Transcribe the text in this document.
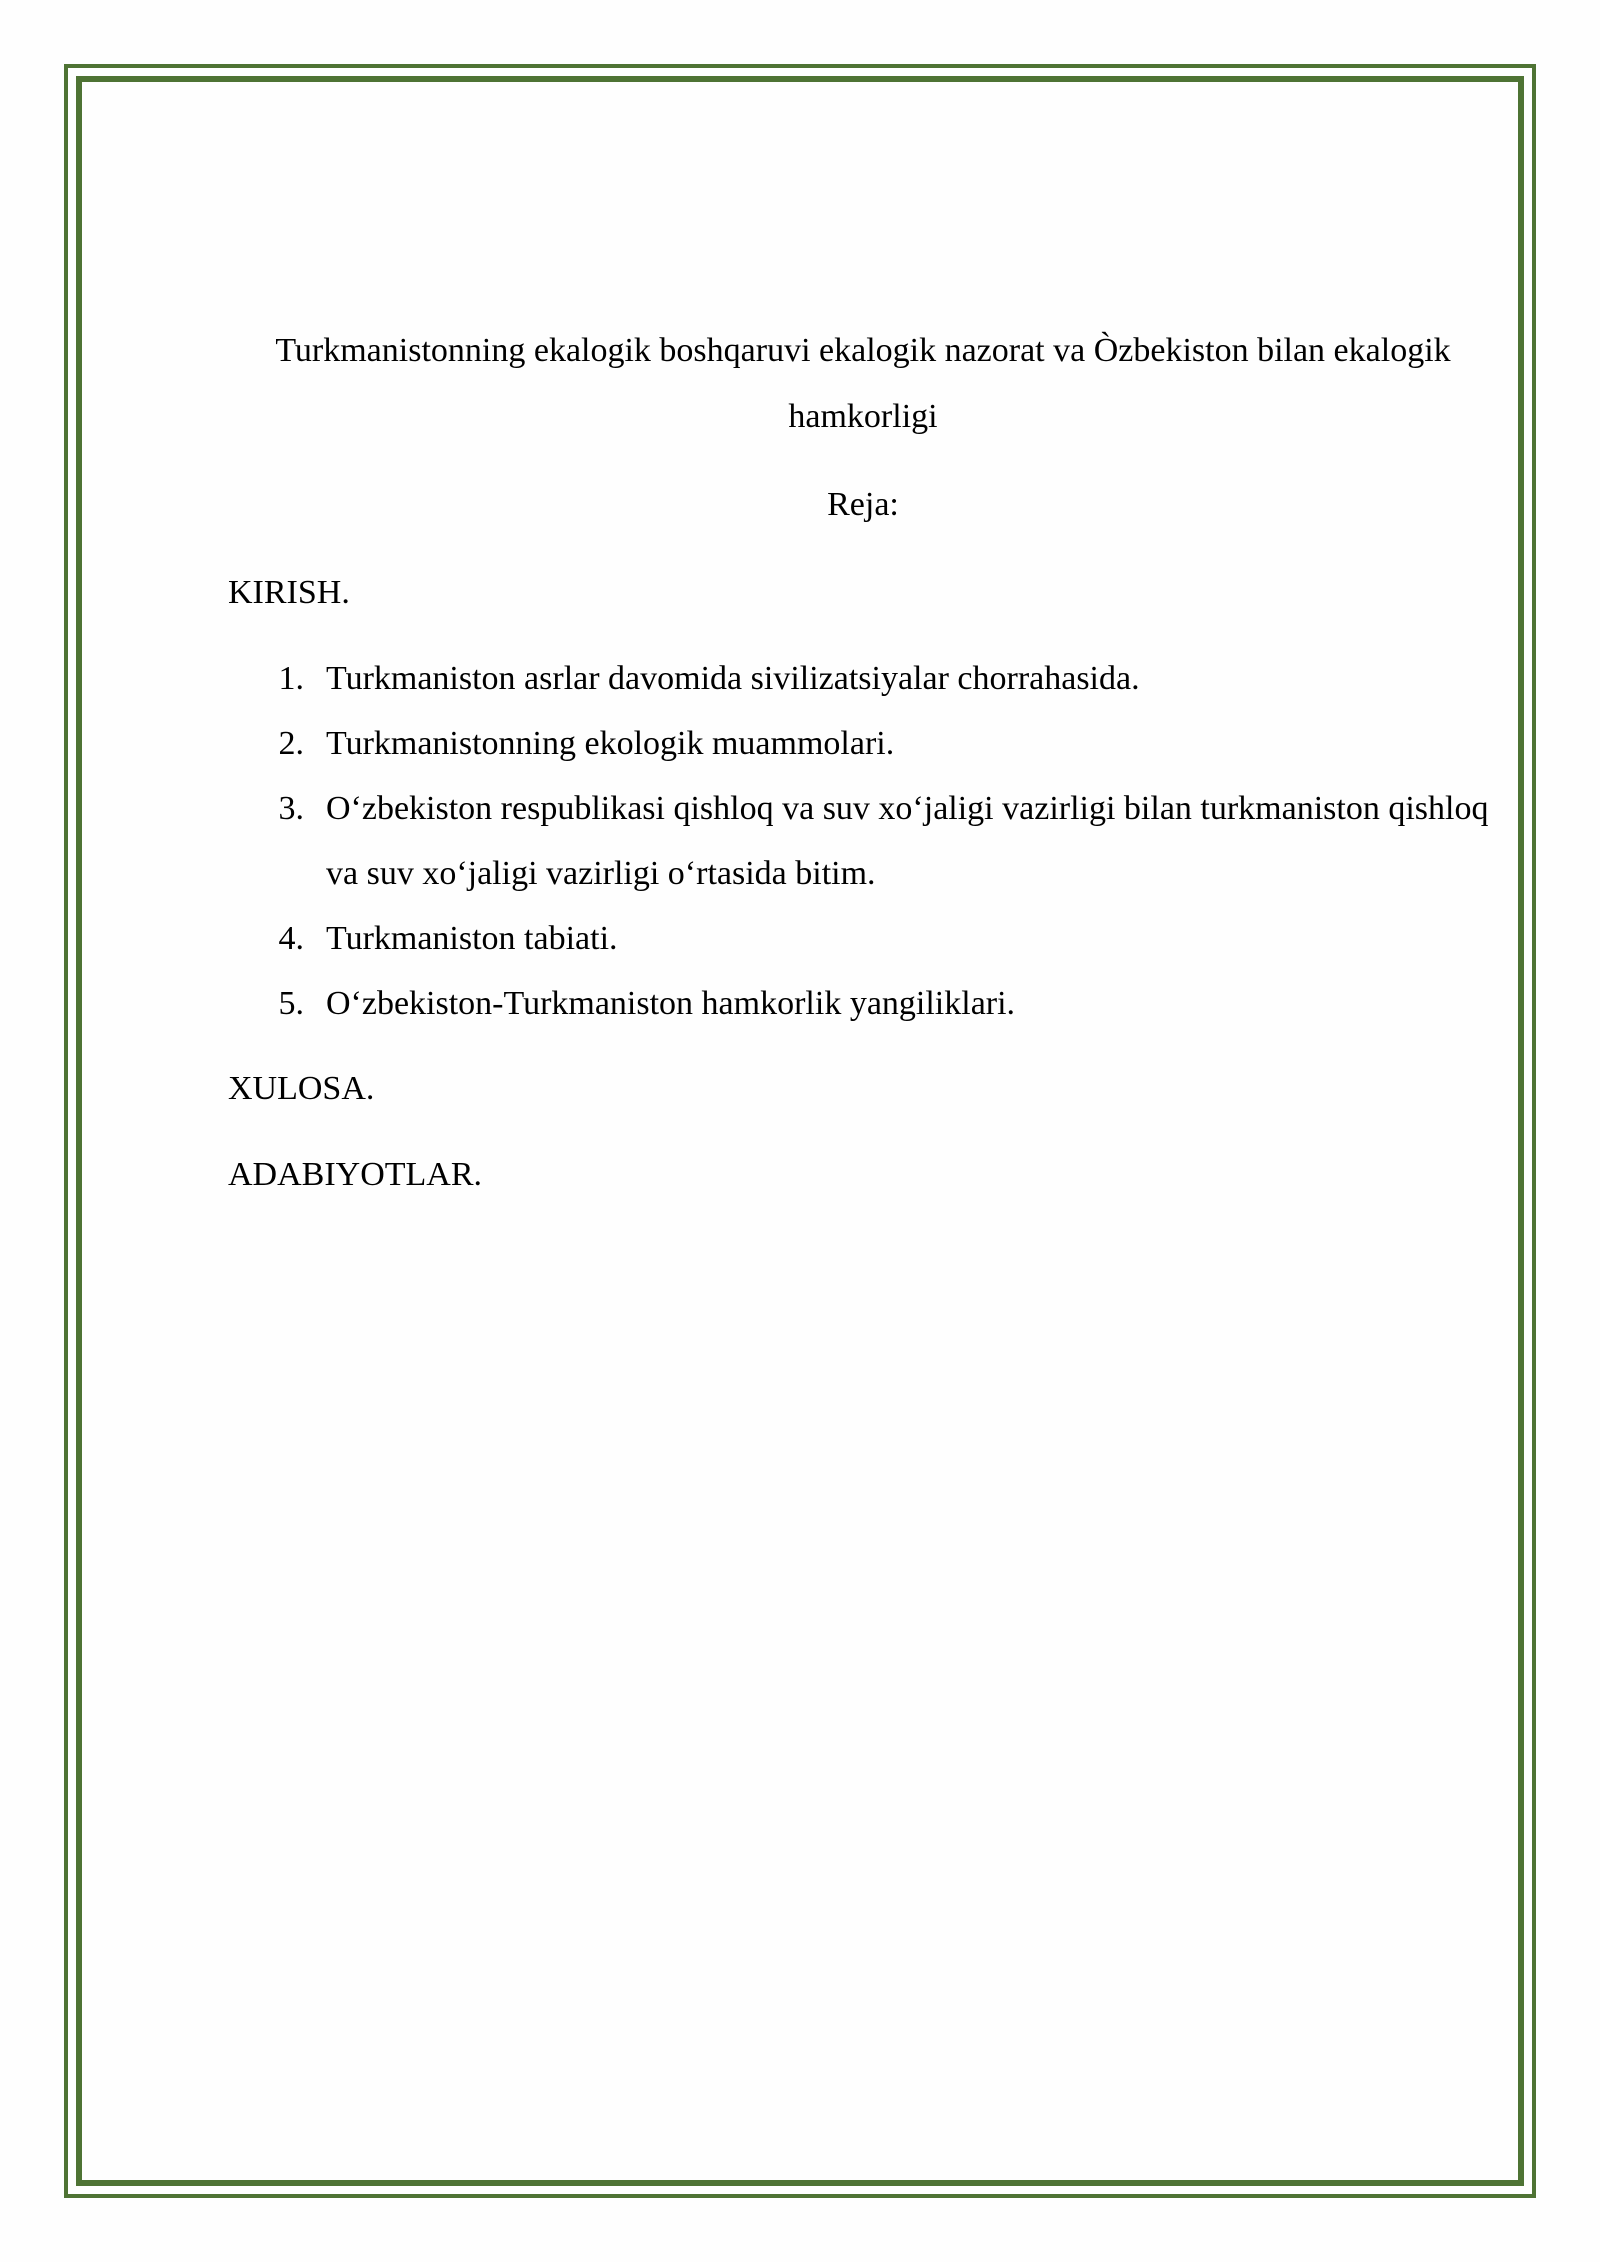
Turkmanistonning ekalogik boshqaruvi ekalogik nazorat va Òzbekiston bilan ekalogik hamkorligi

Reja:

KIRISH.

1. Turkmaniston asrlar davomida sivilizatsiyalar chorrahasida.
2. Turkmanistonning ekologik muammolari.
3. O‘zbekiston respublikasi qishloq va suv xo‘jaligi vazirligi bilan turkmaniston qishloq va suv xo‘jaligi vazirligi o‘rtasida bitim.
4. Turkmaniston tabiati.
5. O‘zbekiston-Turkmaniston hamkorlik yangiliklari.

XULOSA.

ADABIYOTLAR.
